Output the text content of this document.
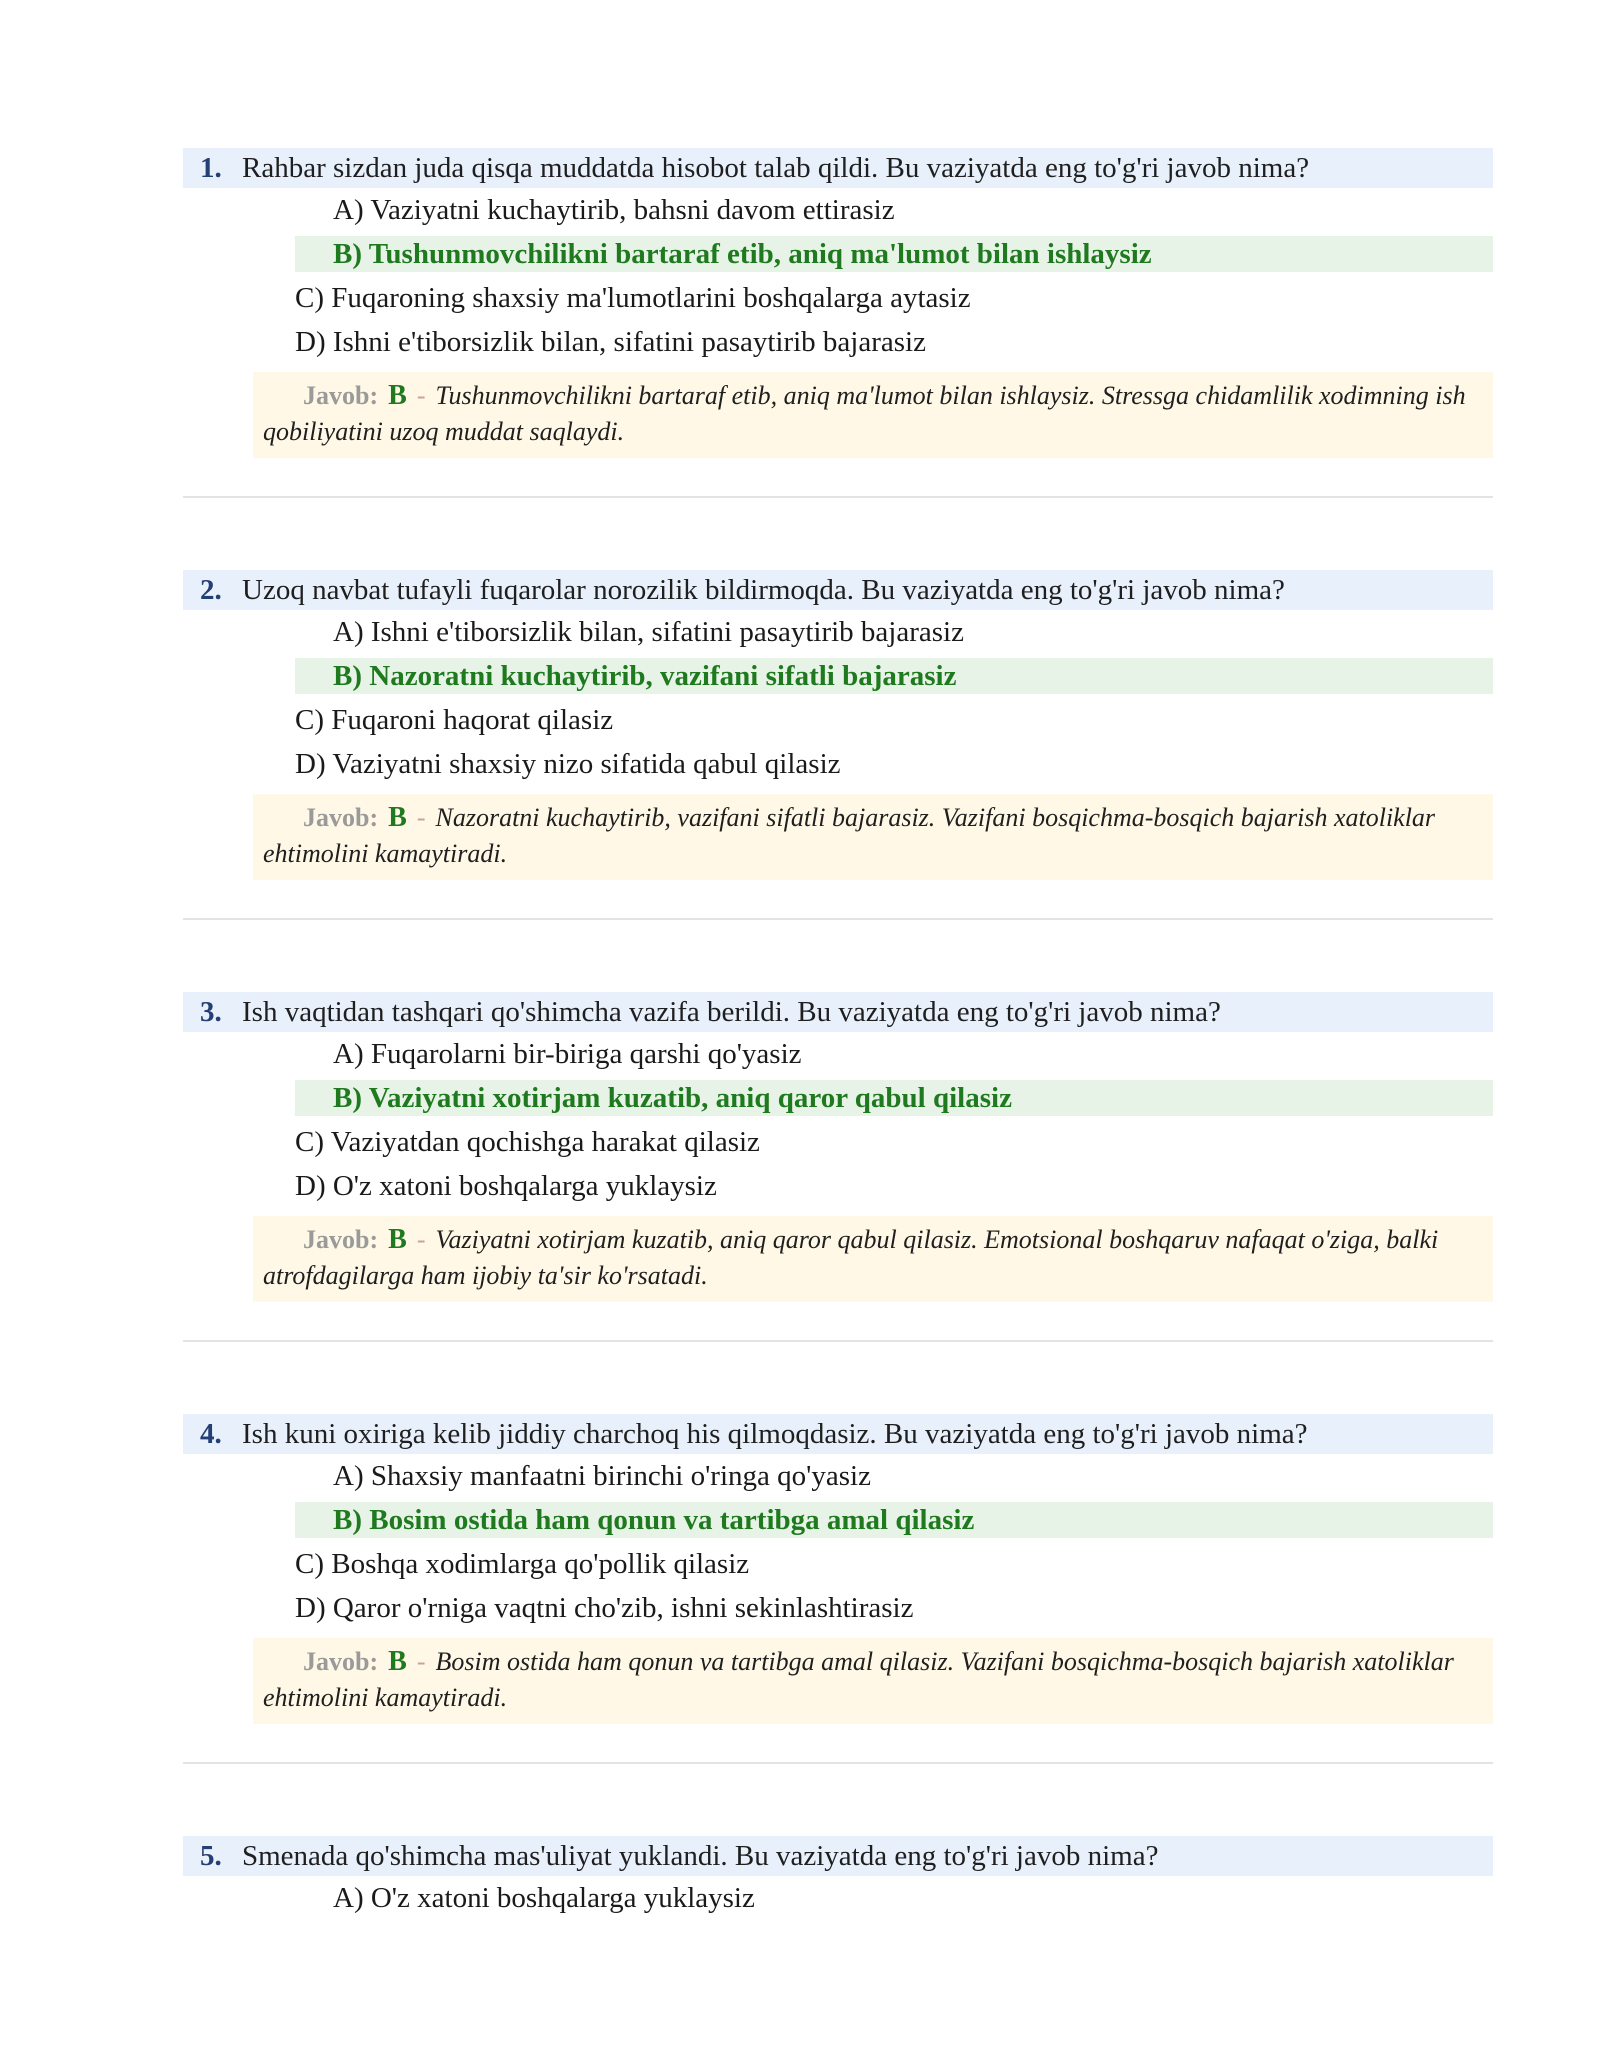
1. Rahbar sizdan juda qisqa muddatda hisobot talab qildi. Bu vaziyatda eng to'g'ri javob nima?
A) Vaziyatni kuchaytirib, bahsni davom ettirasiz
B) Tushunmovchilikni bartaraf etib, aniq ma'lumot bilan ishlaysiz
C) Fuqaroning shaxsiy ma'lumotlarini boshqalarga aytasiz
D) Ishni e'tiborsizlik bilan, sifatini pasaytirib bajarasiz
Javob: B - Tushunmovchilikni bartaraf etib, aniq ma'lumot bilan ishlaysiz. Stressga chidamlilik xodimning ish qobiliyatini uzoq muddat saqlaydi.
2. Uzoq navbat tufayli fuqarolar norozilik bildirmoqda. Bu vaziyatda eng to'g'ri javob nima?
A) Ishni e'tiborsizlik bilan, sifatini pasaytirib bajarasiz
B) Nazoratni kuchaytirib, vazifani sifatli bajarasiz
C) Fuqaroni haqorat qilasiz
D) Vaziyatni shaxsiy nizo sifatida qabul qilasiz
Javob: B - Nazoratni kuchaytirib, vazifani sifatli bajarasiz. Vazifani bosqichma-bosqich bajarish xatoliklar ehtimolini kamaytiradi.
3. Ish vaqtidan tashqari qo'shimcha vazifa berildi. Bu vaziyatda eng to'g'ri javob nima?
A) Fuqarolarni bir-biriga qarshi qo'yasiz
B) Vaziyatni xotirjam kuzatib, aniq qaror qabul qilasiz
C) Vaziyatdan qochishga harakat qilasiz
D) O'z xatoni boshqalarga yuklaysiz
Javob: B - Vaziyatni xotirjam kuzatib, aniq qaror qabul qilasiz. Emotsional boshqaruv nafaqat o'ziga, balki atrofdagilarga ham ijobiy ta'sir ko'rsatadi.
4. Ish kuni oxiriga kelib jiddiy charchoq his qilmoqdasiz. Bu vaziyatda eng to'g'ri javob nima?
A) Shaxsiy manfaatni birinchi o'ringa qo'yasiz
B) Bosim ostida ham qonun va tartibga amal qilasiz
C) Boshqa xodimlarga qo'pollik qilasiz
D) Qaror o'rniga vaqtni cho'zib, ishni sekinlashtirasiz
Javob: B - Bosim ostida ham qonun va tartibga amal qilasiz. Vazifani bosqichma-bosqich bajarish xatoliklar ehtimolini kamaytiradi.
5. Smenada qo'shimcha mas'uliyat yuklandi. Bu vaziyatda eng to'g'ri javob nima?
A) O'z xatoni boshqalarga yuklaysiz
